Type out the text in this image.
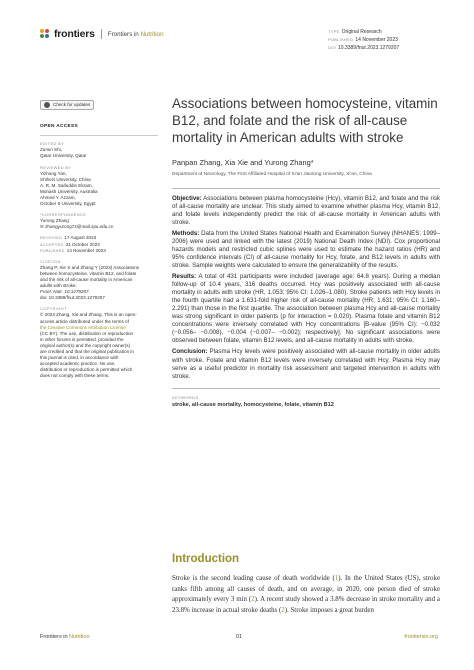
frontiers Frontiers in Nutrition	TYPE Original Research
PUBLISHED 14 November 2023
DOI 10.3389/fnut.2023.1279207
Check for updates
OPEN ACCESS
EDITED BY
Zumin Shi,
Qatar University, Qatar
REVIEWED BY
Yizhong Yan,
Shihezi University, China
A. R. M. Saifuddin Ekram,
Monash University, Australia
Ahmed Y. Azzam,
October 6 University, Egypt
*CORRESPONDENCE
Yurong Zhang
✉ zhangyurong72@mail.xjtu.edu.cn
RECEIVED 17 August 2023
ACCEPTED 31 October 2023
PUBLISHED 14 November 2023
CITATION
Zhang P, Xie X and Zhang Y (2023) Associations
between homocysteine, vitamin B12, and folate
and the risk of all-cause mortality in American
adults with stroke.
Front. Nutr. 10:1279207.
doi: 10.3389/fnut.2023.1279207
COPYRIGHT
© 2023 Zhang, Xie and Zhang. This is an open-
access article distributed under the terms of
the Creative Commons Attribution License
(CC BY). The use, distribution or reproduction
in other forums is permitted, provided the
original author(s) and the copyright owner(s)
are credited and that the original publication in
this journal is cited, in accordance with
accepted academic practice. No use,
distribution or reproduction is permitted which
does not comply with these terms.
Associations between homocysteine, vitamin B12, and folate and the risk of all-cause mortality in American adults with stroke
Panpan Zhang, Xia Xie and Yurong Zhang*
Department of Neurology, The First Affiliated Hospital of Xi'an Jiaotong University, Xi'an, China

Objective: Associations between plasma homocysteine (Hcy), vitamin B12, and folate and the risk of all-cause mortality are unclear. This study aimed to examine whether plasma Hcy, vitamin B12, and folate levels independently predict the risk of all-cause mortality in American adults with stroke.

Methods: Data from the United States National Health and Examination Survey (NHANES; 1999–2006) were used and linked with the latest (2019) National Death Index (NDI). Cox proportional hazards models and restricted cubic splines were used to estimate the hazard ratios (HR) and 95% confidence intervals (CI) of all-cause mortality for Hcy, folate, and B12 levels in adults with stroke. Sample weights were calculated to ensure the generalizability of the results.

Results: A total of 431 participants were included (average age: 64.8 years). During a median follow-up of 10.4 years, 316 deaths occurred. Hcy was positively associated with all-cause mortality in adults with stroke (HR, 1.053; 95% CI: 1.026–1.080). Stroke patients with Hcy levels in the fourth quartile had a 1.631-fold higher risk of all-cause mortality (HR, 1.631; 95% CI: 1.160–2.291) than those in the first quartile. The association between plasma Hcy and all-cause mortality was strong significant in older patients (p for interaction = 0.020). Plasma folate and vitamin B12 concentrations were inversely correlated with Hcy concentrations [B-value (95% CI): −0.032 (−0.056– −0.008), −0.004 (−0.007– −0.002); respectively]. No significant associations were observed between folate, vitamin B12 levels, and all-cause mortality in adults with stroke.

Conclusion: Plasma Hcy levels were positively associated with all-cause mortality in older adults with stroke. Folate and vitamin B12 levels were inversely correlated with Hcy. Plasma Hcy may serve as a useful predictor in mortality risk assessment and targeted intervention in adults with stroke.

KEYWORDS
stroke, all-cause mortality, homocysteine, folate, vitamin B12
Introduction
Stroke is the second leading cause of death worldwide (1). In the United States (US), stroke ranks fifth among all causes of death, and on average, in 2020, one person died of stroke approximately every 3 min (2). A recent study showed a 3.8% decrease in stroke mortality and a 23.8% increase in actual stroke deaths (2). Stroke imposes a great burden
Frontiers in Nutrition	01	frontiersin.org
